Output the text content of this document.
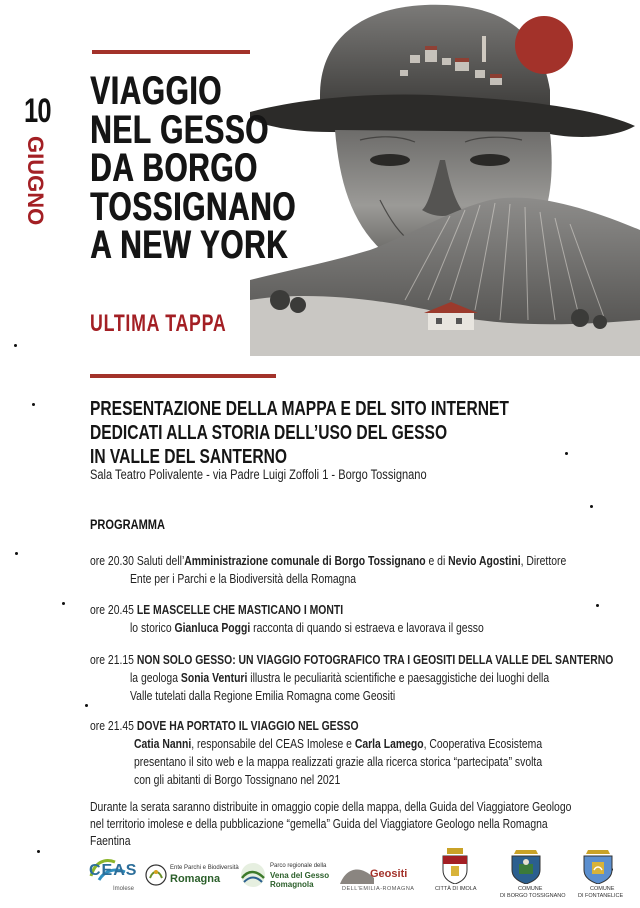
10
GIUGNO
VIAGGIO
NEL GESSO
DA BORGO
TOSSIGNANO
A NEW YORK
ULTIMA TAPPA
PRESENTAZIONE DELLA MAPPA E DEL SITO INTERNET
DEDICATI ALLA STORIA DELL’USO DEL GESSO
IN VALLE DEL SANTERNO
Sala Teatro Polivalente - via Padre Luigi Zoffoli 1 - Borgo Tossignano
PROGRAMMA
ore 20.30 Saluti dell’Amministrazione comunale di Borgo Tossignano e di Nevio Agostini, Direttore
Ente per i Parchi e la Biodiversità della Romagna
ore 20.45 LE MASCELLE CHE MASTICANO I MONTI
lo storico Gianluca Poggi racconta di quando si estraeva e lavorava il gesso
ore 21.15 NON SOLO GESSO: UN VIAGGIO FOTOGRAFICO TRA I GEOSITI DELLA VALLE DEL SANTERNO
la geologa Sonia Venturi illustra le peculiarità scientifiche e paesaggistiche dei luoghi della
Valle tutelati dalla Regione Emilia Romagna come Geositi
ore 21.45 DOVE HA PORTATO IL VIAGGIO NEL GESSO
Catia Nanni, responsabile del CEAS Imolese e Carla Lamego, Cooperativa Ecosistema
presentano il sito web e la mappa realizzati grazie alla ricerca storica “partecipata” svolta
con gli abitanti di Borgo Tossignano nel 2021
Durante la serata saranno distribuite in omaggio copie della mappa, della Guida del Viaggiatore Geologo
nel territorio imolese e della pubblicazione “gemella” Guida del Viaggiatore Geologo nella Romagna
Faentina
CEAS
Imolese
Ente Parchi e Biodiversità
Romagna
Parco regionale della
Vena del Gesso
Romagnola
Geositi
DELL’EMILIA-ROMAGNA	CITTÀ DI IMOLA	COMUNE
DI BORGO TOSSIGNANO
COMUNE
DI FONTANELICE
